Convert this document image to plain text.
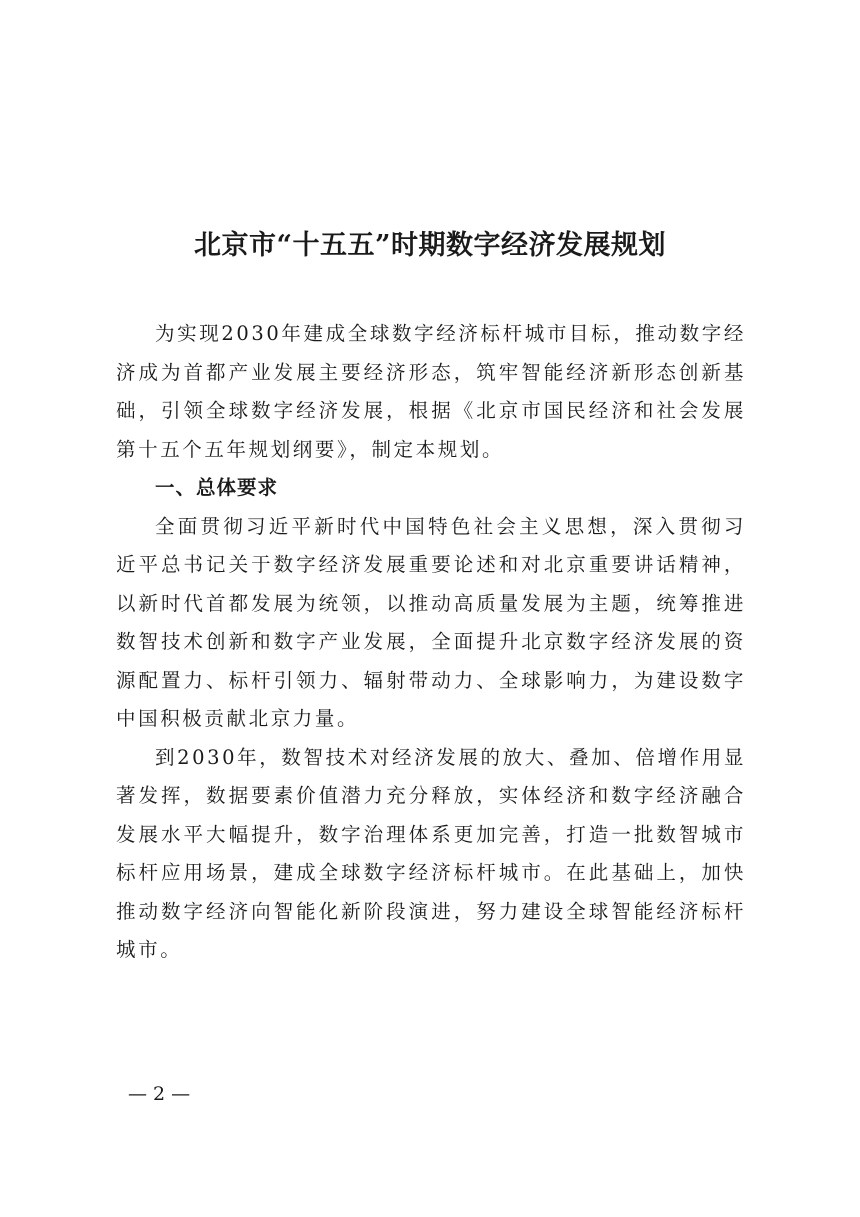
北京市“十五五”时期数字经济发展规划

为实现2030年建成全球数字经济标杆城市目标，推动数字经济成为首都产业发展主要经济形态，筑牢智能经济新形态创新基础，引领全球数字经济发展，根据《北京市国民经济和社会发展第十五个五年规划纲要》，制定本规划。

一、总体要求

全面贯彻习近平新时代中国特色社会主义思想，深入贯彻习近平总书记关于数字经济发展重要论述和对北京重要讲话精神，以新时代首都发展为统领，以推动高质量发展为主题，统筹推进数智技术创新和数字产业发展，全面提升北京数字经济发展的资源配置力、标杆引领力、辐射带动力、全球影响力，为建设数字中国积极贡献北京力量。

到2030年，数智技术对经济发展的放大、叠加、倍增作用显著发挥，数据要素价值潜力充分释放，实体经济和数字经济融合发展水平大幅提升，数字治理体系更加完善，打造一批数智城市标杆应用场景，建成全球数字经济标杆城市。在此基础上，加快推动数字经济向智能化新阶段演进，努力建设全球智能经济标杆城市。

— 2 —
